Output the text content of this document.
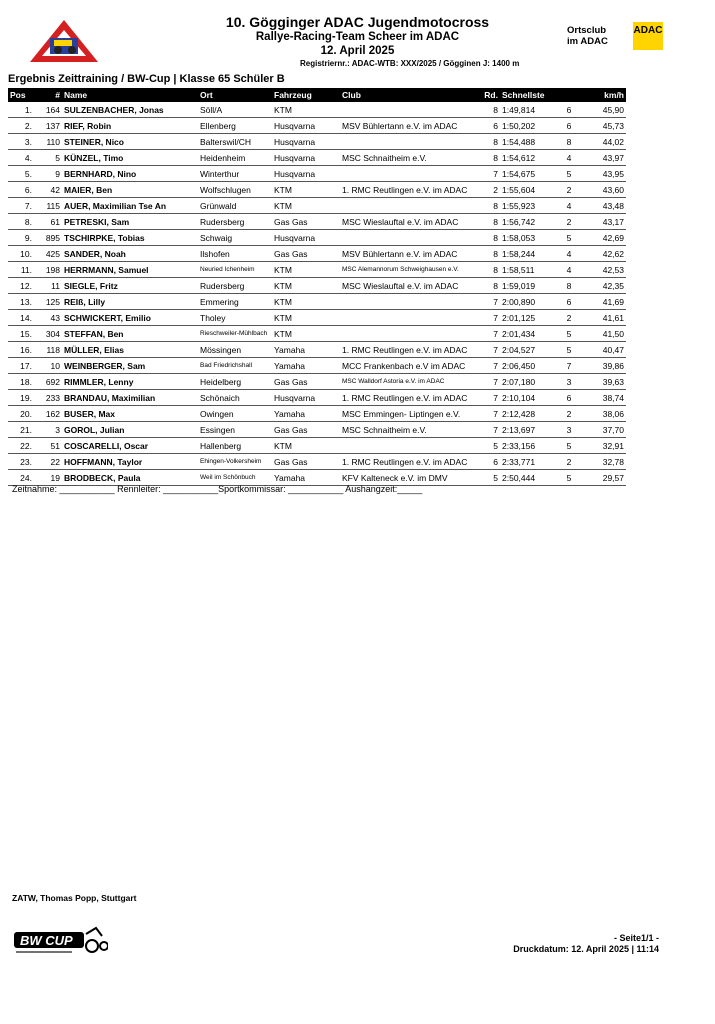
10. Gögginger ADAC Jugendmotocross
Rallye-Racing-Team Scheer im ADAC
12. April 2025
Registriernr.: ADAC-WTB: XXX/2025 / Gögginen J: 1400 m
Ortsclub
im ADAC
ADAC
Ergebnis Zeittraining / BW-Cup | Klasse 65 Schüler B
Pos	#	Name	Ort	Fahrzeug	Club	Rd.	Schnellste		km/h
1.	164	SULZENBACHER, Jonas	Söll/A	KTM		8	1:49,814	6	45,90
2.	137	RIEF, Robin	Ellenberg	Husqvarna	MSV Bühlertann e.V. im ADAC	6	1:50,202	6	45,73
3.	110	STEINER, Nico	Balterswil/CH	Husqvarna		8	1:54,488	8	44,02
4.	5	KÜNZEL, Timo	Heidenheim	Husqvarna	MSC Schnaitheim e.V.	8	1:54,612	4	43,97
5.	9	BERNHARD, Nino	Winterthur	Husqvarna		7	1:54,675	5	43,95
6.	42	MAIER, Ben	Wolfschlugen	KTM	1. RMC Reutlingen e.V. im ADAC	2	1:55,604	2	43,60
7.	115	AUER, Maximilian Tse An	Grünwald	KTM		8	1:55,923	4	43,48
8.	61	PETRESKI, Sam	Rudersberg	Gas Gas	MSC Wieslauftal e.V. im ADAC	8	1:56,742	2	43,17
9.	895	TSCHIRPKE, Tobias	Schwaig	Husqvarna		8	1:58,053	5	42,69
10.	425	SANDER, Noah	Ilshofen	Gas Gas	MSV Bühlertann e.V. im ADAC	8	1:58,244	4	42,62
11.	198	HERRMANN, Samuel	Neuried Ichenheim	KTM	MSC Alemannorum Schweighausen e.V.	8	1:58,511	4	42,53
12.	11	SIEGLE, Fritz	Rudersberg	KTM	MSC Wieslauftal e.V. im ADAC	8	1:59,019	8	42,35
13.	125	REIß, Lilly	Emmering	KTM		7	2:00,890	6	41,69
14.	43	SCHWICKERT, Emilio	Tholey	KTM		7	2:01,125	2	41,61
15.	304	STEFFAN, Ben	Rieschweiler-Mühlbach	KTM		7	2:01,434	5	41,50
16.	118	MÜLLER, Elias	Mössingen	Yamaha	1. RMC Reutlingen e.V. im ADAC	7	2:04,527	5	40,47
17.	10	WEINBERGER, Sam	Bad Friedrichshall	Yamaha	MCC Frankenbach e.V im ADAC	7	2:06,450	7	39,86
18.	692	RIMMLER, Lenny	Heidelberg	Gas Gas	MSC Walldorf Astoria e.V. im ADAC	7	2:07,180	3	39,63
19.	233	BRANDAU, Maximilian	Schönaich	Husqvarna	1. RMC Reutlingen e.V. im ADAC	7	2:10,104	6	38,74
20.	162	BUSER, Max	Owingen	Yamaha	MSC Emmingen- Liptingen e.V.	7	2:12,428	2	38,06
21.	3	GOROL, Julian	Essingen	Gas Gas	MSC Schnaitheim e.V.	7	2:13,697	3	37,70
22.	51	COSCARELLI, Oscar	Hallenberg	KTM		5	2:33,156	5	32,91
23.	22	HOFFMANN, Taylor	Ehingen-Volkersheim	Gas Gas	1. RMC Reutlingen e.V. im ADAC	6	2:33,771	2	32,78
24.	19	BRODBECK, Paula	Weil im Schönbuch	Yamaha	KFV Kalteneck e.V. im DMV	5	2:50,444	5	29,57
Zeitnahme: ___________ Rennleiter: ___________Sportkommissar: ___________ Aushangzeit:_____
ZATW, Thomas Popp, Stuttgart
BW CUP	- Seite1/1 -
Druckdatum: 12. April 2025 | 11:14
